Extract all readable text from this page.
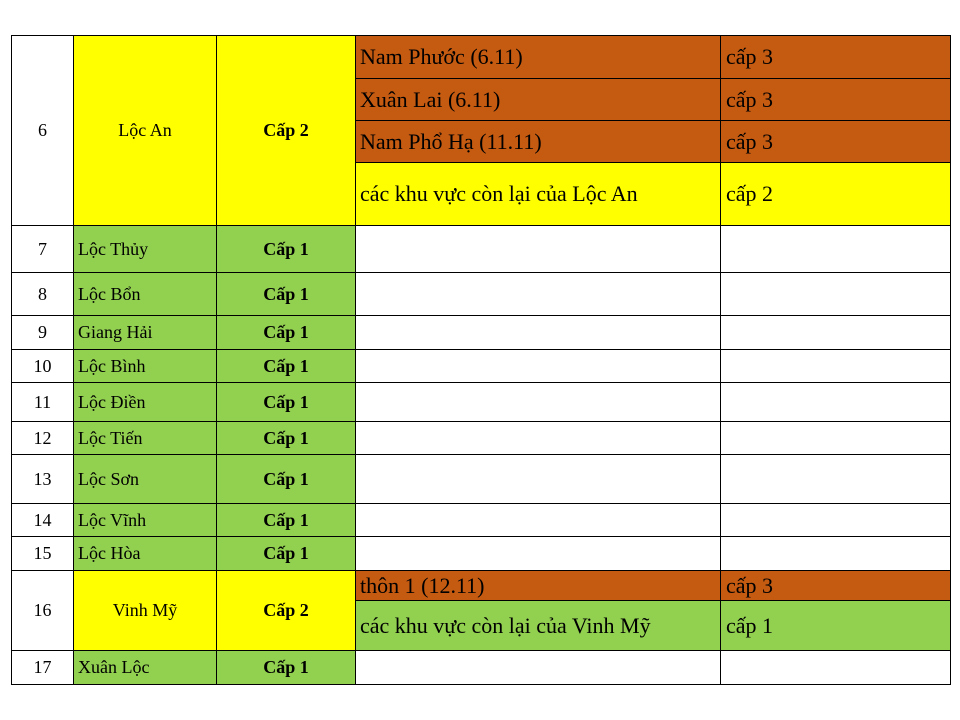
6	Lộc An	Cấp 2	Nam Phước (6.11)	cấp 3
			Xuân Lai (6.11)	cấp 3
			Nam Phổ Hạ (11.11)	cấp 3
			các khu vực còn lại của Lộc An	cấp 2
7	Lộc Thủy	Cấp 1		
8	Lộc Bổn	Cấp 1		
9	Giang Hải	Cấp 1		
10	Lộc Bình	Cấp 1		
11	Lộc Điền	Cấp 1		
12	Lộc Tiến	Cấp 1		
13	Lộc Sơn	Cấp 1		
14	Lộc Vĩnh	Cấp 1		
15	Lộc Hòa	Cấp 1		
16	Vinh Mỹ	Cấp 2	thôn 1 (12.11)	cấp 3
			các khu vực còn lại của Vinh Mỹ	cấp 1
17	Xuân Lộc	Cấp 1		
